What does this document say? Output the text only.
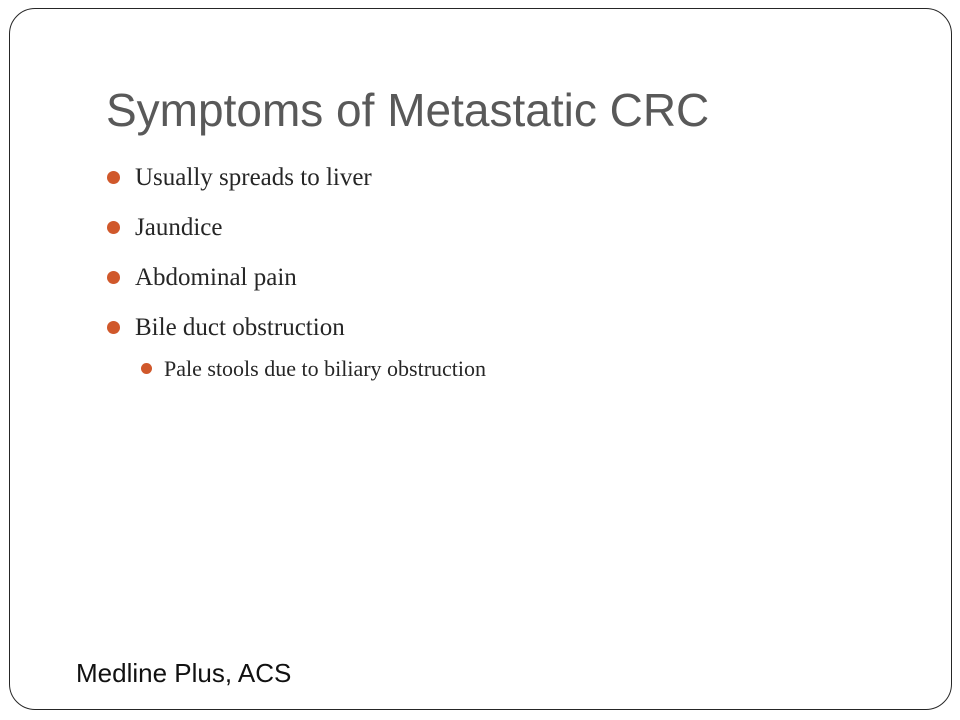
Symptoms of Metastatic CRC
Usually spreads to liver
Jaundice
Abdominal pain
Bile duct obstruction
Pale stools due to biliary obstruction
Medline Plus, ACS
